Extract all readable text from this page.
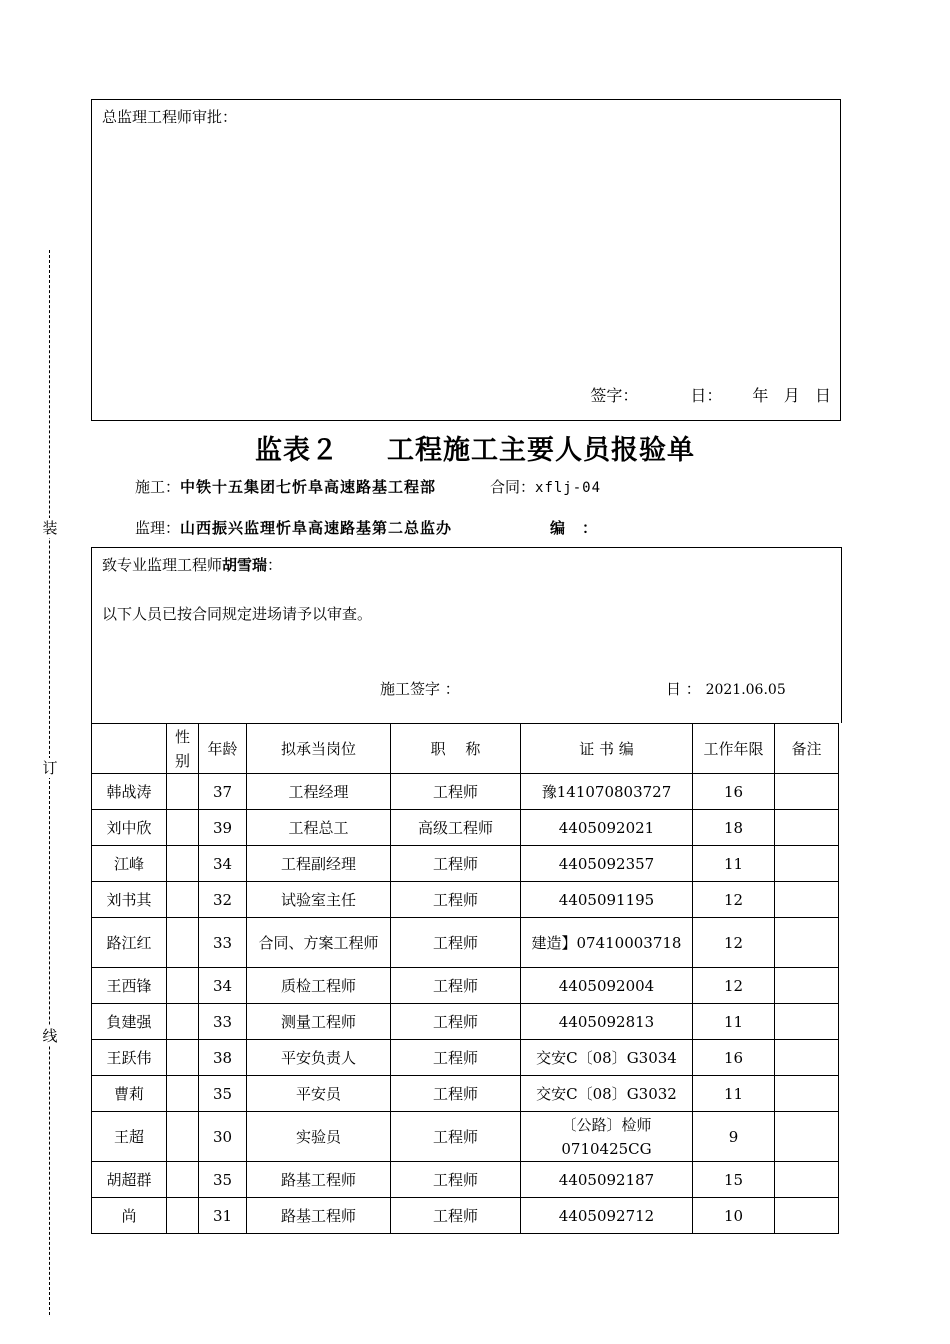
装
订
线
总监理工程师审批：
签字：	日： 年 月 日
监表２ 工程施工主要人员报验单
施工：中铁十五集团七忻阜高速路基工程部	合同：xflj-04
监理：山西振兴监理忻阜高速路基第二总监办	编　：
致专业监理工程师胡雪瑞：
以下人员已按合同规定进场请予以审查。
施工签字 ：	日 ： 2021.06.05
	性别	年龄	拟承当岗位	职　 称	证 书 编	工作年限	备注
韩战涛		37	工程经理	工程师	豫141070803727	16	
刘中欣		39	工程总工	高级工程师	4405092021	18	
江峰		34	工程副经理	工程师	4405092357	11	
刘书其		32	试验室主任	工程师	4405091195	12	
路江红		33	合同、方案工程师	工程师	建造】07410003718	12	
王西锋		34	质检工程师	工程师	4405092004	12	
負建强		33	测量工程师	工程师	4405092813	11	
王跃伟		38	平安负责人	工程师	交安C〔08〕G3034	16	
曹莉		35	平安员	工程师	交安C〔08〕G3032	11	
王超		30	实验员	工程师	〔公路〕检师0710425CG	9	
胡超群		35	路基工程师	工程师	4405092187	15	
尚		31	路基工程师	工程师	4405092712	10	
